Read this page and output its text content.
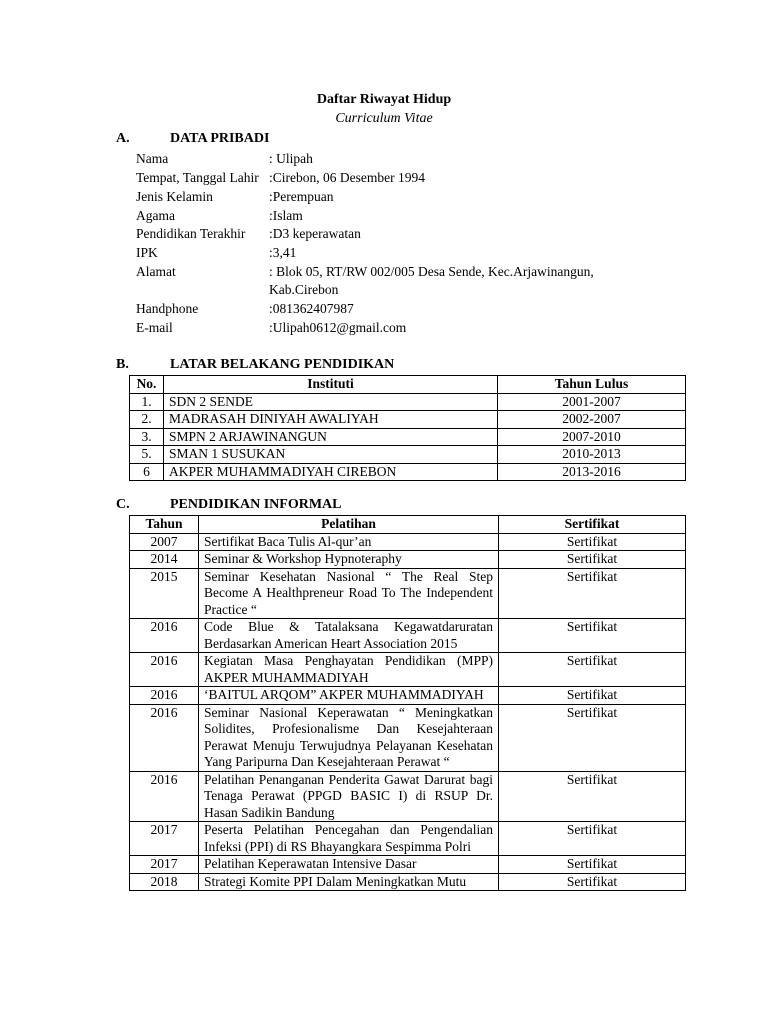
Daftar Riwayat Hidup
Curriculum Vitae
A.	DATA PRIBADI
Nama	: Ulipah
Tempat, Tanggal Lahir :Cirebon, 06 Desember 1994
Jenis Kelamin	:Perempuan
Agama	:Islam
Pendidikan Terakhir :D3 keperawatan
IPK	:3,41
Alamat	: Blok 05, RT/RW 002/005 Desa Sende, Kec.Arjawinangun,
Kab.Cirebon
Handphone	:081362407987
E-mail	:Ulipah0612@gmail.com
B.	LATAR BELAKANG PENDIDIKAN
No.	Instituti	Tahun Lulus
1.	SDN 2 SENDE	2001-2007
2.	MADRASAH DINIYAH AWALIYAH	2002-2007
3.	SMPN 2 ARJAWINANGUN	2007-2010
5.	SMAN 1 SUSUKAN	2010-2013
6	AKPER MUHAMMADIYAH CIREBON	2013-2016
C.	PENDIDIKAN INFORMAL
Tahun	Pelatihan	Sertifikat
2007	Sertifikat Baca Tulis Al-qur’an	Sertifikat
2014	Seminar & Workshop Hypnoteraphy	Sertifikat
2015	Seminar Kesehatan Nasional “ The Real Step Become A Healthpreneur Road To The Independent Practice “	Sertifikat
2016	Code Blue & Tatalaksana Kegawatdaruratan Berdasarkan American Heart Association 2015	Sertifikat
2016	Kegiatan Masa Penghayatan Pendidikan (MPP) AKPER MUHAMMADIYAH	Sertifikat
2016	‘BAITUL ARQOM” AKPER MUHAMMADIYAH	Sertifikat
2016	Seminar Nasional Keperawatan “ Meningkatkan Solidites, Profesionalisme Dan Kesejahteraan Perawat Menuju Terwujudnya Pelayanan Kesehatan Yang Paripurna Dan Kesejahteraan Perawat “	Sertifikat
2016	Pelatihan Penanganan Penderita Gawat Darurat bagi Tenaga Perawat (PPGD BASIC I) di RSUP Dr. Hasan Sadikin Bandung	Sertifikat
2017	Peserta Pelatihan Pencegahan dan Pengendalian Infeksi (PPI) di RS Bhayangkara Sespimma Polri	Sertifikat
2017	Pelatihan Keperawatan Intensive Dasar	Sertifikat
2018	Strategi Komite PPI Dalam Meningkatkan Mutu	Sertifikat
